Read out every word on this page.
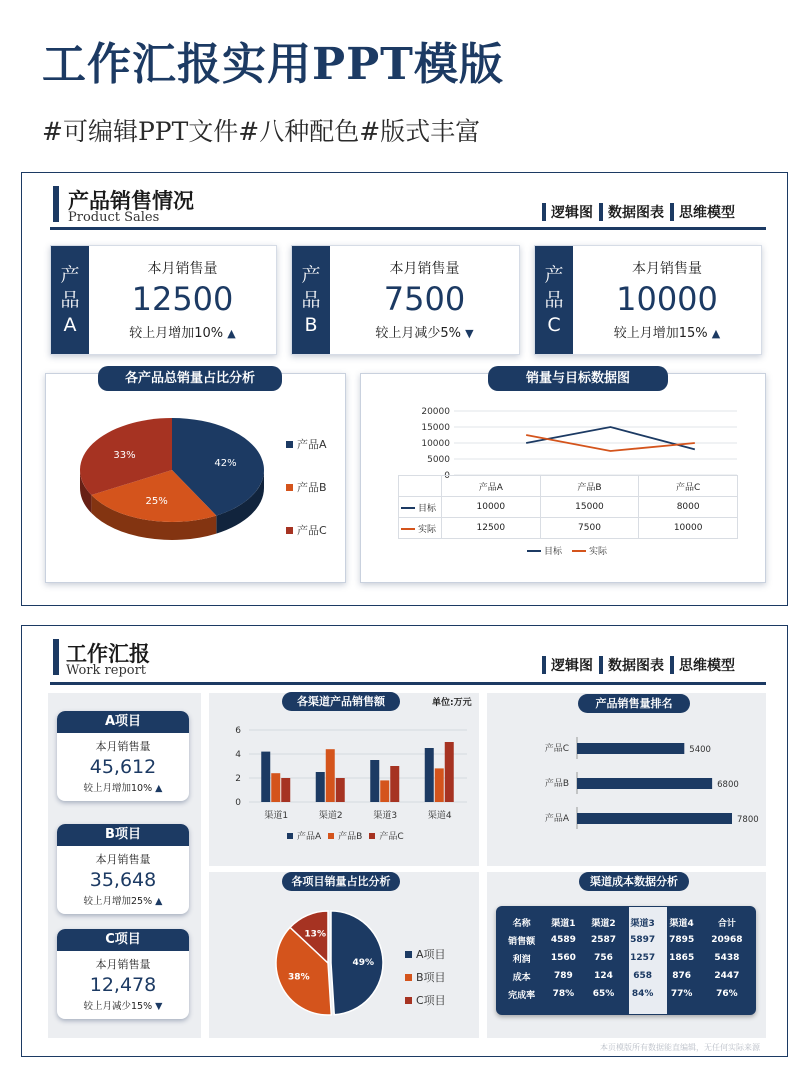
工作汇报实用PPT模版
#可编辑PPT文件#八种配色#版式丰富
产品销售情况
Product Sales	逻辑图 数据图表 思维模型
产
品
A
本月销售量
12500
较上月增加10% ▲
产
品
B
本月销售量
7500
较上月减少5% ▼
产
品
C
本月销售量
10000
较上月增加15% ▲
各产品总销量占比分析
42%
25%
33%
产品A
产品B
产品C
销量与目标数据图
20000
15000
10000
5000
0
	产品A	产品B	产品C
目标	10000	15000	8000
实际	12500	7500	10000
目标	实际
工作汇报
Work report	逻辑图 数据图表 思维模型
A项目
本月销售量
45,612
较上月增加10% ▲
B项目
本月销售量
35,648
较上月增加25% ▲
C项目
本月销售量
12,478
较上月减少15% ▼
各渠道产品销售额	单位:万元
6
4
2
0
渠道1	渠道2	渠道3	渠道4
产品A 产品B 产品C
产品销售量排名
产品C	5400
产品B	6800
产品A	7800
各项目销量占比分析
49%
38%
13%
A项目
B项目
C项目
渠道成本数据分析
名称	渠道1	渠道2	渠道3	渠道4	合计
销售额	4589	2587	5897	7895	20968
利润	1560	756	1257	1865	5438
成本	789	124	658	876	2447
完成率	78%	65%	84%	77%	76%
本页模版所有数据能直编辑，无任何实际来源
